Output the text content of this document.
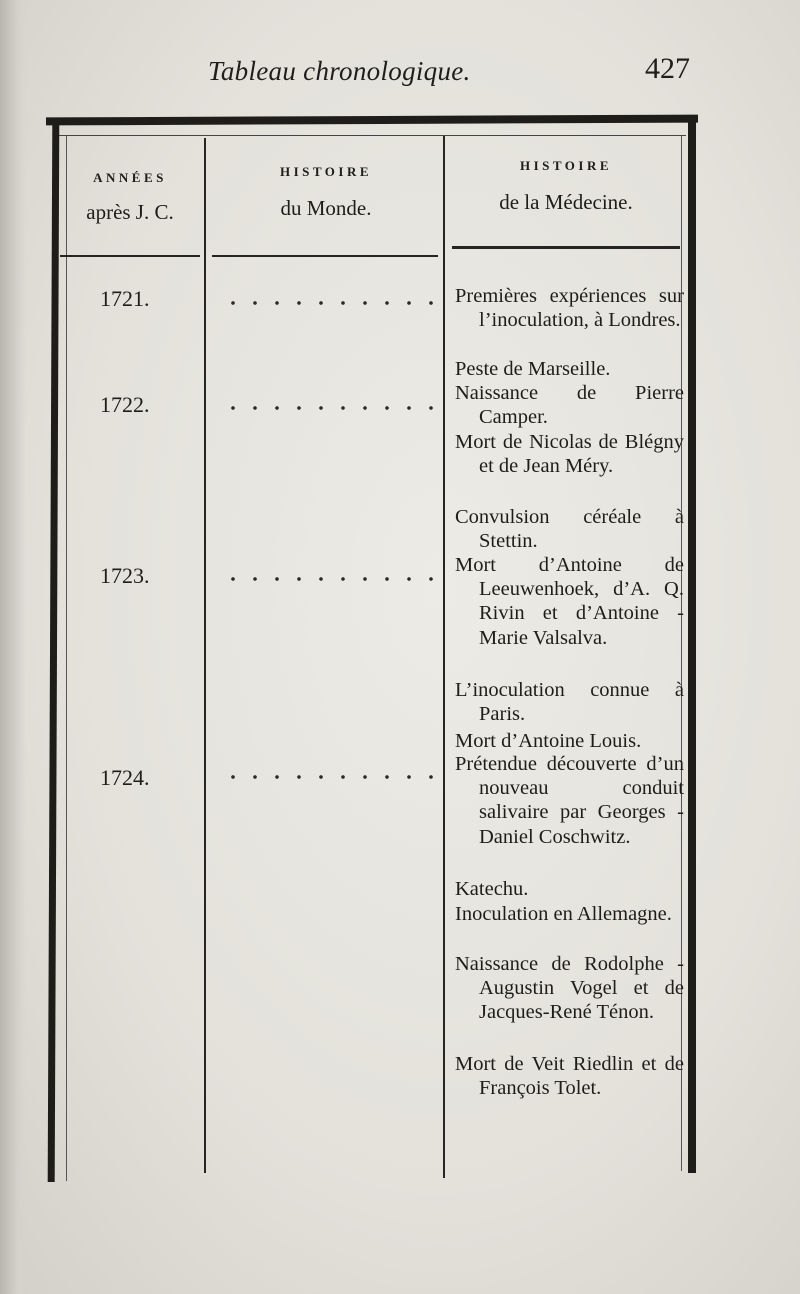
Tableau chronologique.	427
ANNÉES
après J. C.
HISTOIRE
du Monde.
HISTOIRE
de la Médecine.
1721.
1722.
1723.
1724.
Premières expériences sur l’inoculation, à Londres.
Peste de Marseille.
Naissance de Pierre Camper.
Mort de Nicolas de Blégny et de Jean Méry.
Convulsion céréale à Stettin.
Mort d’Antoine de Leeuwenhoek, d’A. Q. Rivin et d’Antoine - Marie Valsalva.
L’inoculation connue à Paris.
Mort d’Antoine Louis.
Prétendue découverte d’un nouveau conduit salivaire par Georges - Daniel Coschwitz.
Katechu.
Inoculation en Allemagne.
Naissance de Rodolphe - Augustin Vogel et de Jacques-René Ténon.
Mort de Veit Riedlin et de François Tolet.
